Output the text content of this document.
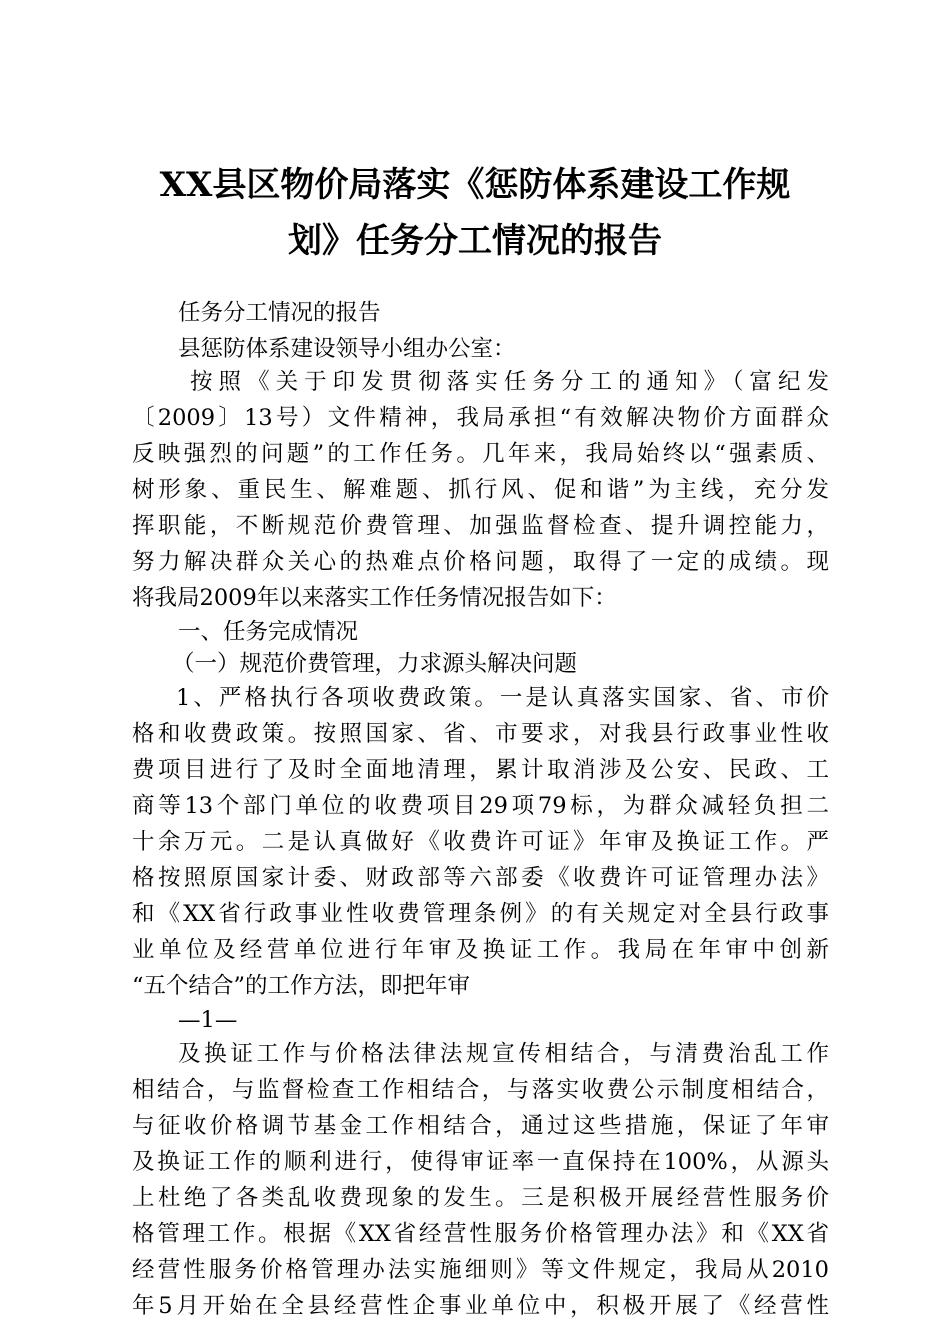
XX县区物价局落实《惩防体系建设工作规
划》任务分工情况的报告
任务分工情况的报告
县惩防体系建设领导小组办公室：
按照《关于印发贯彻落实任务分工的通知》（富纪发
〔2009〕13号）文件精神，我局承担“有效解决物价方面群众
反映强烈的问题”的工作任务。几年来，我局始终以“强素质、
树形象、重民生、解难题、抓行风、促和谐”为主线，充分发
挥职能，不断规范价费管理、加强监督检查、提升调控能力，
努力解决群众关心的热难点价格问题，取得了一定的成绩。现
将我局2009年以来落实工作任务情况报告如下：
一、任务完成情况
（一）规范价费管理，力求源头解决问题
1、严格执行各项收费政策。一是认真落实国家、省、市价
格和收费政策。按照国家、省、市要求，对我县行政事业性收
费项目进行了及时全面地清理，累计取消涉及公安、民政、工
商等13个部门单位的收费项目29项79标，为群众减轻负担二
十余万元。二是认真做好《收费许可证》年审及换证工作。严
格按照原国家计委、财政部等六部委《收费许可证管理办法》
和《XX省行政事业性收费管理条例》的有关规定对全县行政事
业单位及经营单位进行年审及换证工作。我局在年审中创新
“五个结合”的工作方法，即把年审
—1—
及换证工作与价格法律法规宣传相结合，与清费治乱工作
相结合，与监督检查工作相结合，与落实收费公示制度相结合，
与征收价格调节基金工作相结合，通过这些措施，保证了年审
及换证工作的顺利进行，使得审证率一直保持在100%，从源头
上杜绝了各类乱收费现象的发生。三是积极开展经营性服务价
格管理工作。根据《XX省经营性服务价格管理办法》和《XX省
经营性服务价格管理办法实施细则》等文件规定，我局从2010
年5月开始在全县经营性企事业单位中，积极开展了《经营性
